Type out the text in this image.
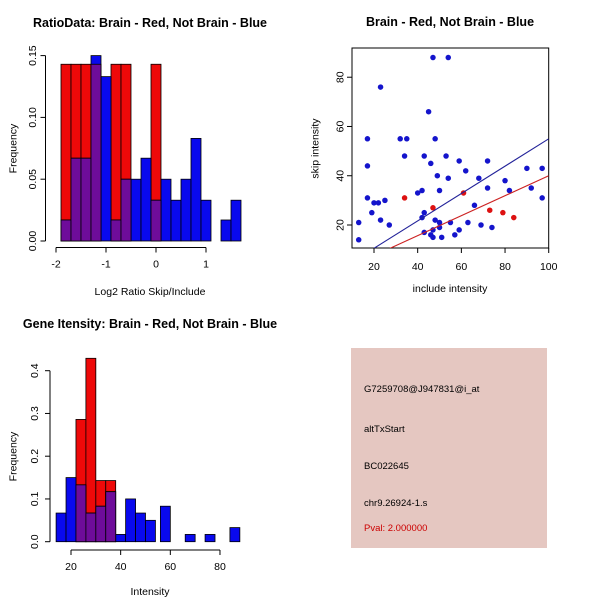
-2	-1	0	1
0.00
0.05
0.10
0.15
20	40	60	80
0.0
0.1
0.2
0.3
0.4
20	40	60	80	100
20
40
60
80
RatioData: Brain - Red, Not Brain - Blue	Brain - Red, Not Brain - Blue
Gene Itensity: Brain - Red, Not Brain - Blue
Log2 Ratio Skip/Include	include intensity
Intensity
Frequency	skip intensity
Frequency
G7259708@J947831@i_at
altTxStart
BC022645
chr9.26924-1.s
Pval: 2.000000
